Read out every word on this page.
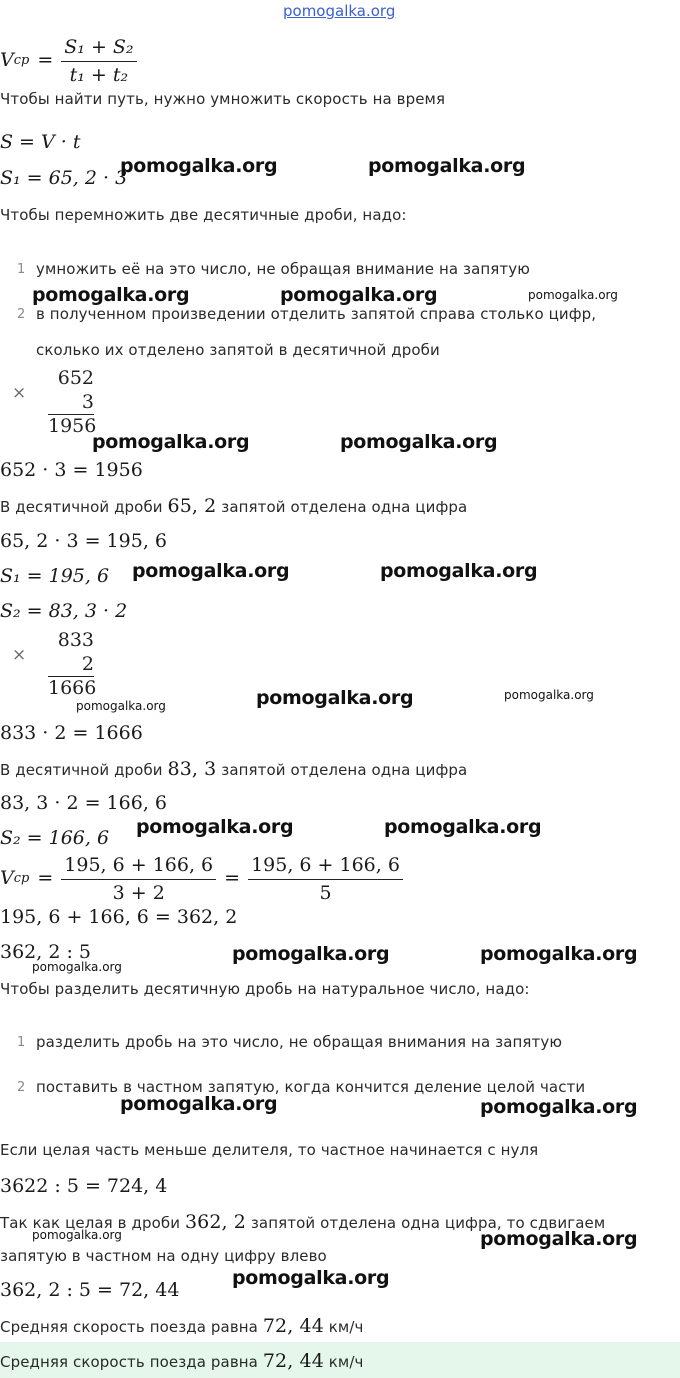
pomogalka.org
V cp = $\frac{\text{S₁ + S₂}}{\text{t₁ + t₂}}$
Чтобы найти путь, нужно умножить скорость на время
S = V · t
S₁ = 65, 2 · 3
pomogalka.org	pomogalka.org
Чтобы перемножить две десятичные дроби, надо:
1 умножить её на это число, не обращая внимание на запятую
pomogalka.org	pomogalka.org	pomogalka.org
2 в полученном произведении отделить запятой справа столько цифр,
сколько их отделено запятой в десятичной дроби
×
652
3
1956
pomogalka.org	pomogalka.org
652 · 3 = 1956
В десятичной дроби 65, 2 запятой отделена одна цифра
65, 2 · 3 = 195, 6
S₁ = 195, 6 pomogalka.org	pomogalka.org
S₂ = 83, 3 · 2
×
833
2
1666
pomogalka.org	pomogalka.org	pomogalka.org
833 · 2 = 1666
В десятичной дроби 83, 3 запятой отделена одна цифра
83, 3 · 2 = 166, 6
S₂ = 166, 6 pomogalka.org	pomogalka.org
V cp = $\frac{195, 6 + 166, 6}{3 + 2} = \frac{195, 6 + 166, 6}{5}$
195, 6 + 166, 6 = 362, 2
362, 2 : 5	pomogalka.org	pomogalka.org
pomogalka.org
Чтобы разделить десятичную дробь на натуральное число, надо:
1 разделить дробь на это число, не обращая внимания на запятую
2 поставить в частном запятую, когда кончится деление целой части
pomogalka.org	pomogalka.org
Если целая часть меньше делителя, то частное начинается с нуля
3622 : 5 = 724, 4
Так как целая в дроби 362, 2 запятой отделена одна цифра, то сдвигаем
pomogalka.org	pomogalka.org
запятую в частном на одну цифру влево
pomogalka.org
362, 2 : 5 = 72, 44
Средняя скорость поезда равна 72, 44 км/ч
Средняя скорость поезда равна 72, 44 км/ч
